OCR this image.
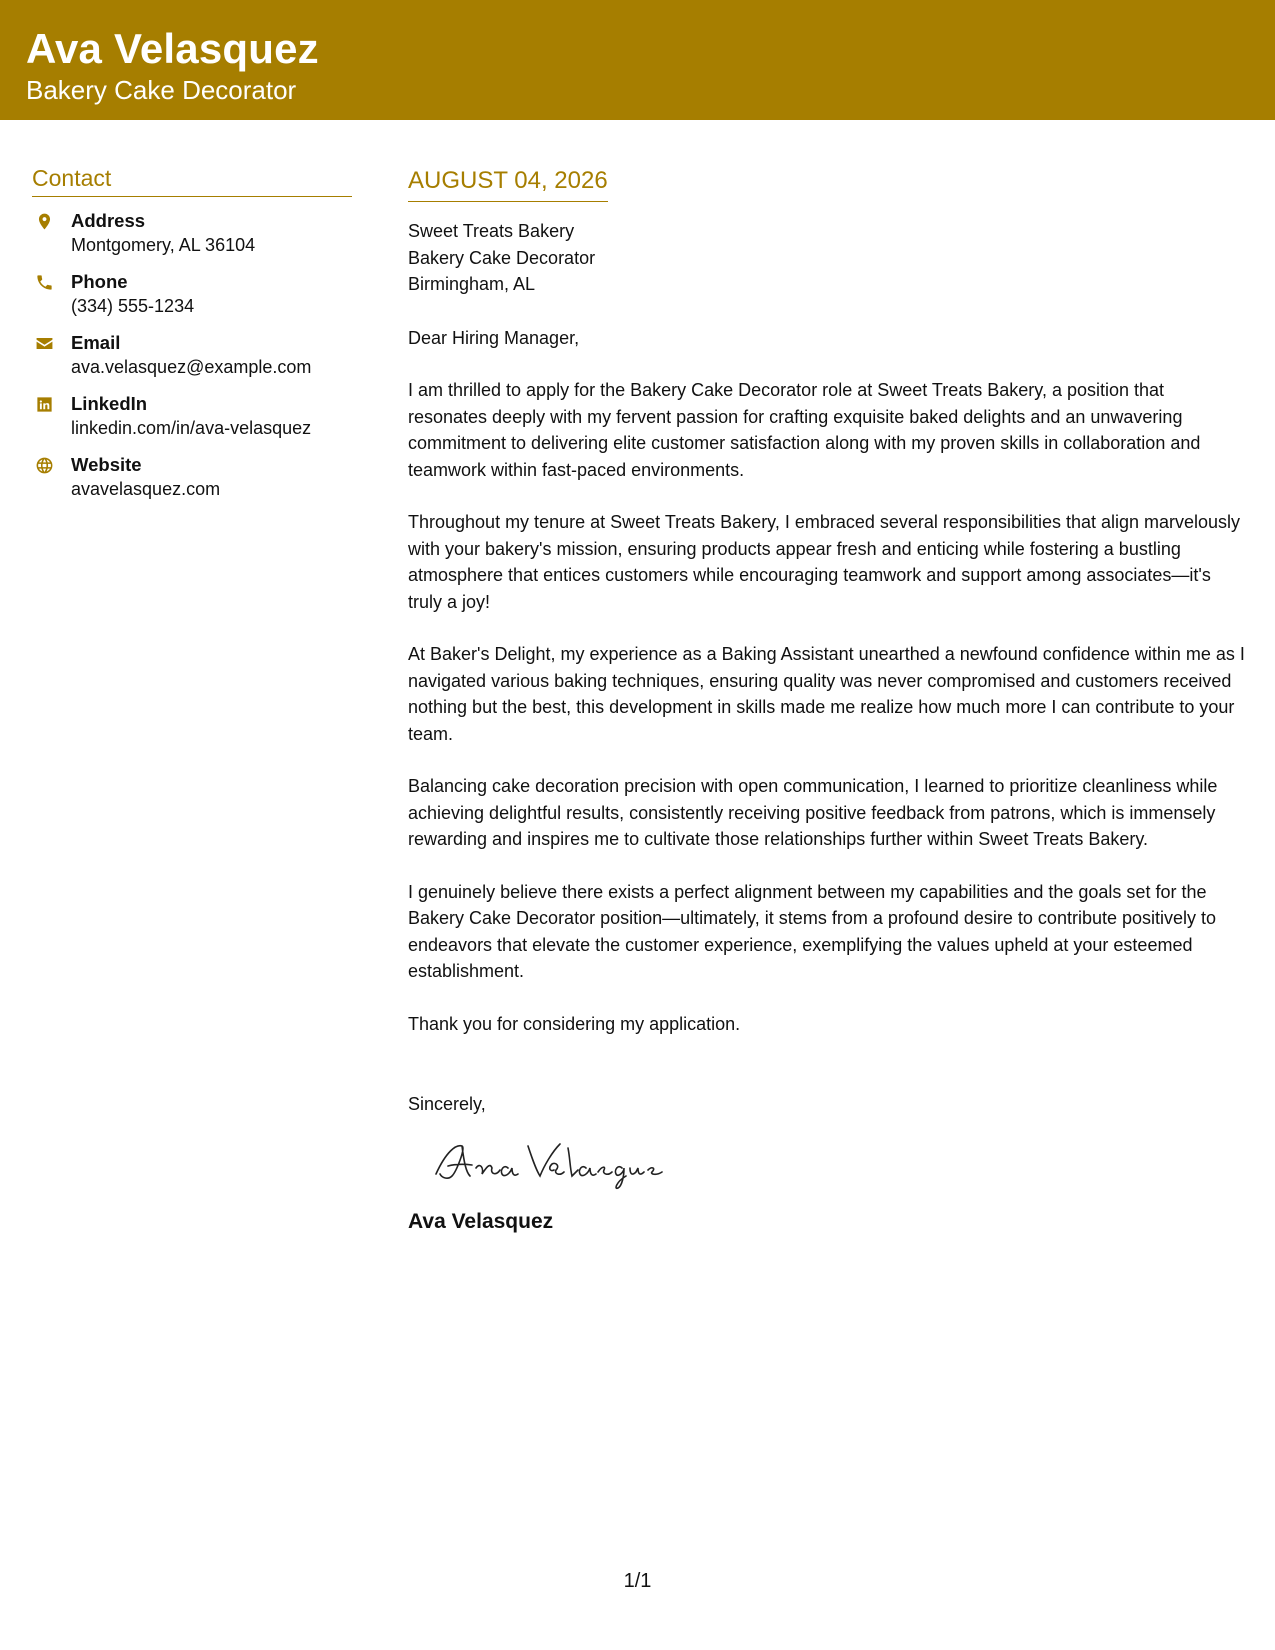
Ava Velasquez
Bakery Cake Decorator
Contact
Address
Montgomery, AL 36104
Phone
(334) 555-1234
Email
ava.velasquez@example.com
LinkedIn
linkedin.com/in/ava-velasquez
Website
avavelasquez.com
AUGUST 04, 2026
Sweet Treats Bakery
Bakery Cake Decorator
Birmingham, AL
Dear Hiring Manager,

I am thrilled to apply for the Bakery Cake Decorator role at Sweet Treats Bakery, a position that resonates deeply with my fervent passion for crafting exquisite baked delights and an unwavering commitment to delivering elite customer satisfaction along with my proven skills in collaboration and teamwork within fast-paced environments.

Throughout my tenure at Sweet Treats Bakery, I embraced several responsibilities that align marvelously with your bakery's mission, ensuring products appear fresh and enticing while fostering a bustling atmosphere that entices customers while encouraging teamwork and support among associates—it's truly a joy!

At Baker's Delight, my experience as a Baking Assistant unearthed a newfound confidence within me as I navigated various baking techniques, ensuring quality was never compromised and customers received nothing but the best, this development in skills made me realize how much more I can contribute to your team.

Balancing cake decoration precision with open communication, I learned to prioritize cleanliness while achieving delightful results, consistently receiving positive feedback from patrons, which is immensely rewarding and inspires me to cultivate those relationships further within Sweet Treats Bakery.

I genuinely believe there exists a perfect alignment between my capabilities and the goals set for the Bakery Cake Decorator position—ultimately, it stems from a profound desire to contribute positively to endeavors that elevate the customer experience, exemplifying the values upheld at your esteemed establishment.

Thank you for considering my application.

Sincerely,
Ava Velasquez
1/1
